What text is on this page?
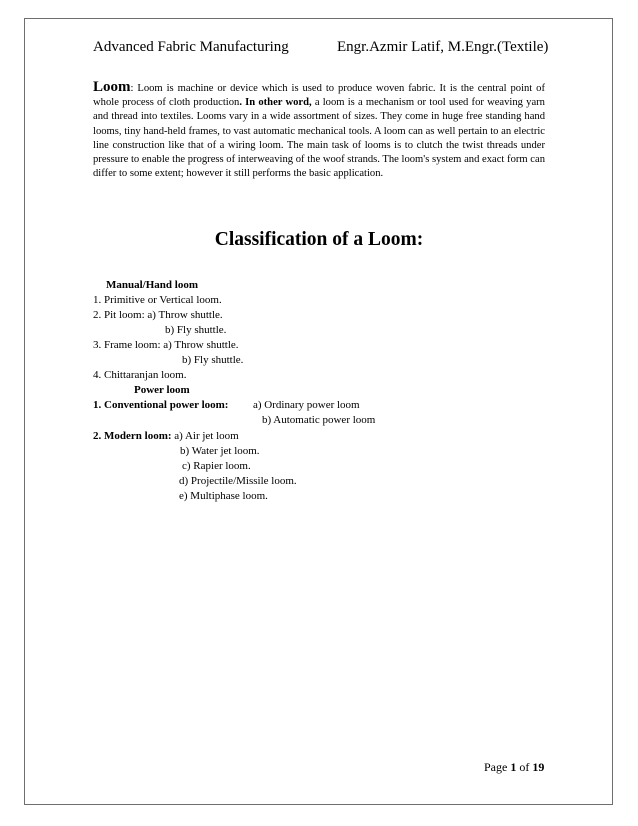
Advanced Fabric Manufacturing	Engr.Azmir Latif, M.Engr.(Textile)
Loom: Loom is machine or device which is used to produce woven fabric. It is the central point of whole process of cloth production. In other word, a loom is a mechanism or tool used for weaving yarn and thread into textiles. Looms vary in a wide assortment of sizes. They come in huge free standing hand looms, tiny hand-held frames, to vast automatic mechanical tools. A loom can as well pertain to an electric line construction like that of a wiring loom. The main task of looms is to clutch the twist threads under pressure to enable the progress of interweaving of the woof strands. The loom's system and exact form can differ to some extent; however it still performs the basic application.
Classification of a Loom:
Manual/Hand loom
1. Primitive or Vertical loom.
2. Pit loom: a) Throw shuttle.
b) Fly shuttle.
3. Frame loom: a) Throw shuttle.
b) Fly shuttle.
4. Chittaranjan loom.
Power loom
1. Conventional power loom: a) Ordinary power loom
b) Automatic power loom
2. Modern loom: a) Air jet loom
b) Water jet loom.
c) Rapier loom.
d) Projectile/Missile loom.
e) Multiphase loom.
Page 1 of 19
